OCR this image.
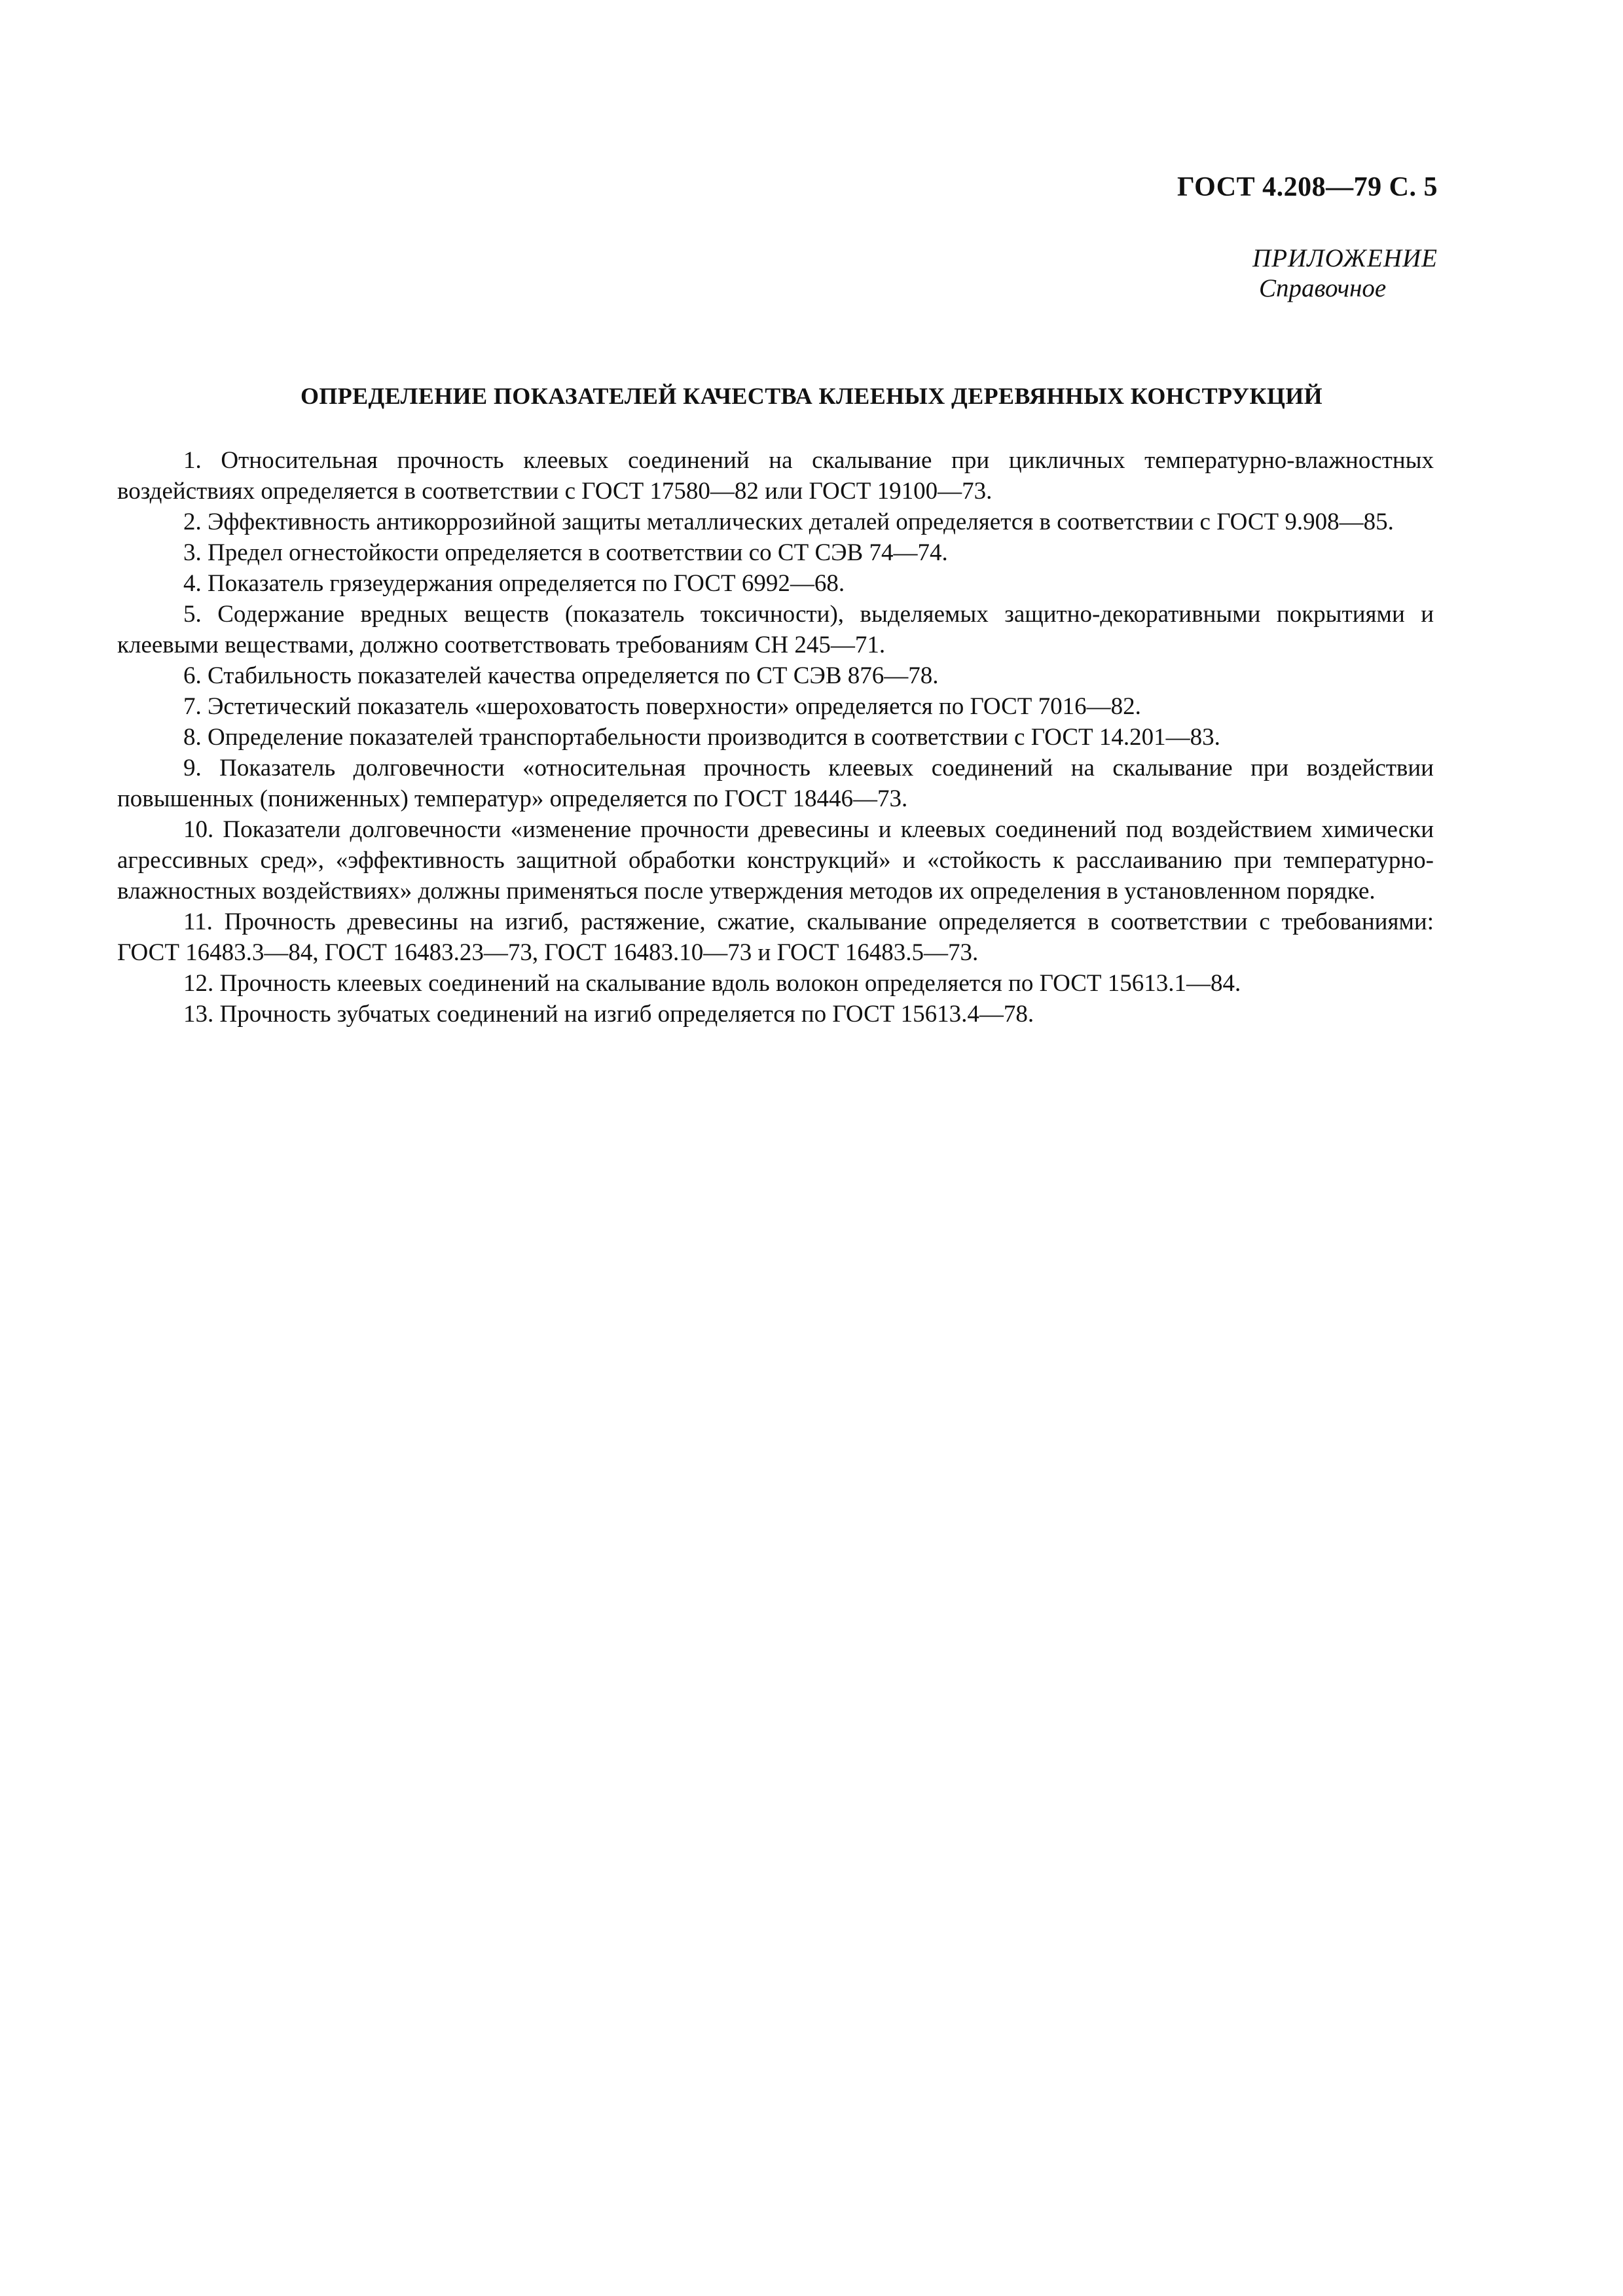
ГОСТ 4.208—79 С. 5
ПРИЛОЖЕНИЕ
Справочное
ОПРЕДЕЛЕНИЕ ПОКАЗАТЕЛЕЙ КАЧЕСТВА КЛЕЕНЫХ ДЕРЕВЯННЫХ КОНСТРУКЦИЙ

1. Относительная прочность клеевых соединений на скалывание при цикличных температурно-влажностных воздействиях определяется в соответствии с ГОСТ 17580—82 или ГОСТ 19100—73.

2. Эффективность антикоррозийной защиты металлических деталей определяется в соответствии с ГОСТ 9.908—85.

3. Предел огнестойкости определяется в соответствии со СТ СЭВ 74—74.

4. Показатель грязеудержания определяется по ГОСТ 6992—68.

5. Содержание вредных веществ (показатель токсичности), выделяемых защитно-декоративными покрытиями и клеевыми веществами, должно соответствовать требованиям СН 245—71.

6. Стабильность показателей качества определяется по СТ СЭВ 876—78.

7. Эстетический показатель «шероховатость поверхности» определяется по ГОСТ 7016—82.

8. Определение показателей транспортабельности производится в соответствии с ГОСТ 14.201—83.

9. Показатель долговечности «относительная прочность клеевых соединений на скалывание при воздействии повышенных (пониженных) температур» определяется по ГОСТ 18446—73.

10. Показатели долговечности «изменение прочности древесины и клеевых соединений под воздействием химически агрессивных сред», «эффективность защитной обработки конструкций» и «стойкость к расслаиванию при температурно-влажностных воздействиях» должны применяться после утверждения методов их определения в установленном порядке.

11. Прочность древесины на изгиб, растяжение, сжатие, скалывание определяется в соответствии с требованиями: ГОСТ 16483.3—84, ГОСТ 16483.23—73, ГОСТ 16483.10—73 и ГОСТ 16483.5—73.

12. Прочность клеевых соединений на скалывание вдоль волокон определяется по ГОСТ 15613.1—84.

13. Прочность зубчатых соединений на изгиб определяется по ГОСТ 15613.4—78.
